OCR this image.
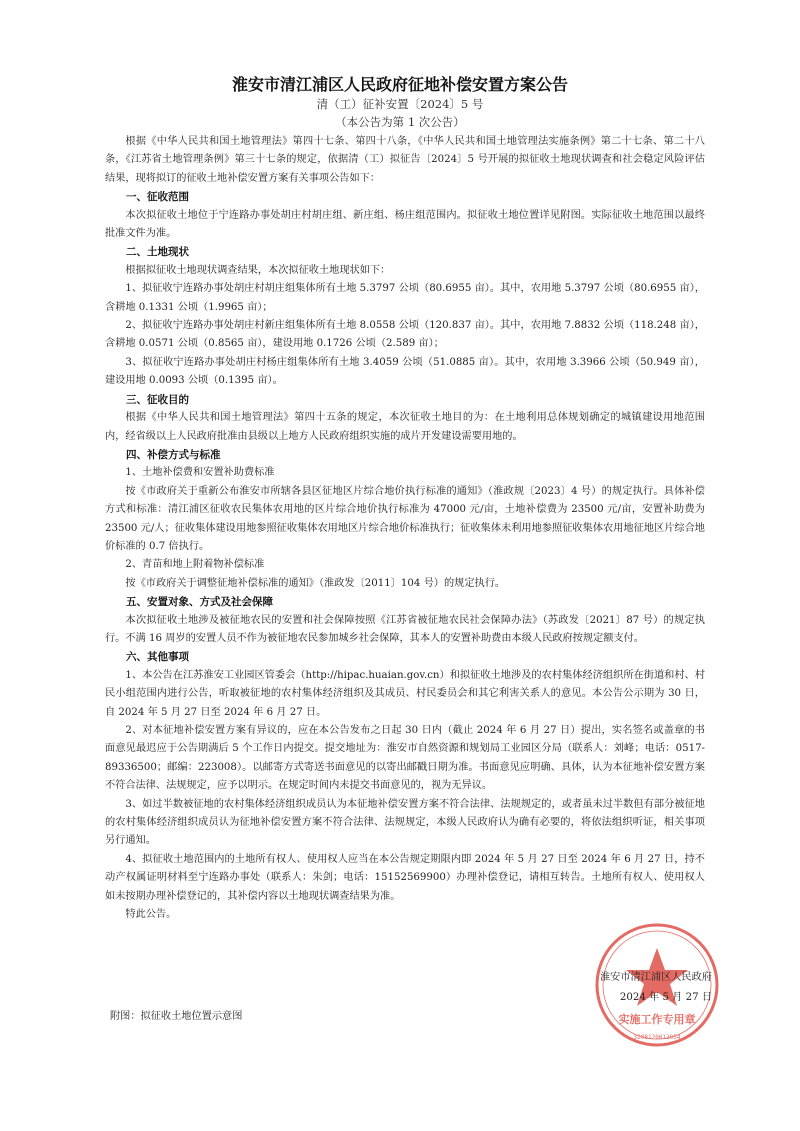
淮安市清江浦区人民政府征地补偿安置方案公告
清（工）征补安置〔2024〕5 号
（本公告为第 1 次公告）

根据《中华人民共和国土地管理法》第四十七条、第四十八条，《中华人民共和国土地管理法实施条例》第二十七条、第二十八条，《江苏省土地管理条例》第三十七条的规定，依据清（工）拟征告〔2024〕5 号开展的拟征收土地现状调查和社会稳定风险评估结果，现将拟订的征收土地补偿安置方案有关事项公告如下：

一、征收范围

本次拟征收土地位于宁连路办事处胡庄村胡庄组、新庄组、杨庄组范围内。拟征收土地位置详见附图。实际征收土地范围以最终批准文件为准。

二、土地现状

根据拟征收土地现状调查结果，本次拟征收土地现状如下：

1、拟征收宁连路办事处胡庄村胡庄组集体所有土地 5.3797 公顷（80.6955 亩）。其中，农用地 5.3797 公顷（80.6955 亩），含耕地 0.1331 公顷（1.9965 亩）；

2、拟征收宁连路办事处胡庄村新庄组集体所有土地 8.0558 公顷（120.837 亩）。其中，农用地 7.8832 公顷（118.248 亩），含耕地 0.0571 公顷（0.8565 亩），建设用地 0.1726 公顷（2.589 亩）；

3、拟征收宁连路办事处胡庄村杨庄组集体所有土地 3.4059 公顷（51.0885 亩）。其中，农用地 3.3966 公顷（50.949 亩），建设用地 0.0093 公顷（0.1395 亩）。

三、征收目的

根据《中华人民共和国土地管理法》第四十五条的规定，本次征收土地目的为：在土地利用总体规划确定的城镇建设用地范围内，经省级以上人民政府批准由县级以上地方人民政府组织实施的成片开发建设需要用地的。

四、补偿方式与标准

1、土地补偿费和安置补助费标准

按《市政府关于重新公布淮安市所辖各县区征地区片综合地价执行标准的通知》（淮政规〔2023〕4 号）的规定执行。具体补偿方式和标准：清江浦区征收农民集体农用地的区片综合地价执行标准为 47000 元/亩，土地补偿费为 23500 元/亩，安置补助费为 23500 元/人；征收集体建设用地参照征收集体农用地区片综合地价标准执行；征收集体未利用地参照征收集体农用地征地区片综合地价标准的 0.7 倍执行。

2、青苗和地上附着物补偿标准

按《市政府关于调整征地补偿标准的通知》（淮政发〔2011〕104 号）的规定执行。

五、安置对象、方式及社会保障

本次拟征收土地涉及被征地农民的安置和社会保障按照《江苏省被征地农民社会保障办法》（苏政发〔2021〕87 号）的规定执行。不满 16 周岁的安置人员不作为被征地农民参加城乡社会保障，其本人的安置补助费由本级人民政府按规定额支付。

六、其他事项

1、本公告在江苏淮安工业园区管委会（http://hipac.huaian.gov.cn）和拟征收土地涉及的农村集体经济组织所在街道和村、村民小组范围内进行公告，听取被征地的农村集体经济组织及其成员、村民委员会和其它利害关系人的意见。本公告公示期为 30 日，自 2024 年 5 月 27 日至 2024 年 6 月 27 日。

2、对本征地补偿安置方案有异议的，应在本公告发布之日起 30 日内（截止 2024 年 6 月 27 日）提出，实名签名或盖章的书面意见最迟应于公告期满后 5 个工作日内提交。提交地址为：淮安市自然资源和规划局工业园区分局（联系人：刘峰；电话：0517-89336500；邮编：223008）。以邮寄方式寄送书面意见的以寄出邮戳日期为准。书面意见应明确、具体，认为本征地补偿安置方案不符合法律、法规规定，应予以明示。在规定时间内未提交书面意见的，视为无异议。

3、如过半数被征地的农村集体经济组织成员认为本征地补偿安置方案不符合法律、法规规定的，或者虽未过半数但有部分被征地的农村集体经济组织成员认为征地补偿安置方案不符合法律、法规规定，本级人民政府认为确有必要的，将依法组织听证，相关事项另行通知。

4、拟征收土地范围内的土地所有权人、使用权人应当在本公告规定期限内即 2024 年 5 月 27 日至 2024 年 6 月 27 日，持不动产权属证明材料至宁连路办事处（联系人：朱剑；电话：15152569900）办理补偿登记，请相互转告。土地所有权人、使用权人如未按期办理补偿登记的，其补偿内容以土地现状调查结果为准。

特此公告。

实施工作专用章
3208120012054
淮安市清江浦区人民政府
2024 年 5 月 27 日
附图：拟征收土地位置示意图
